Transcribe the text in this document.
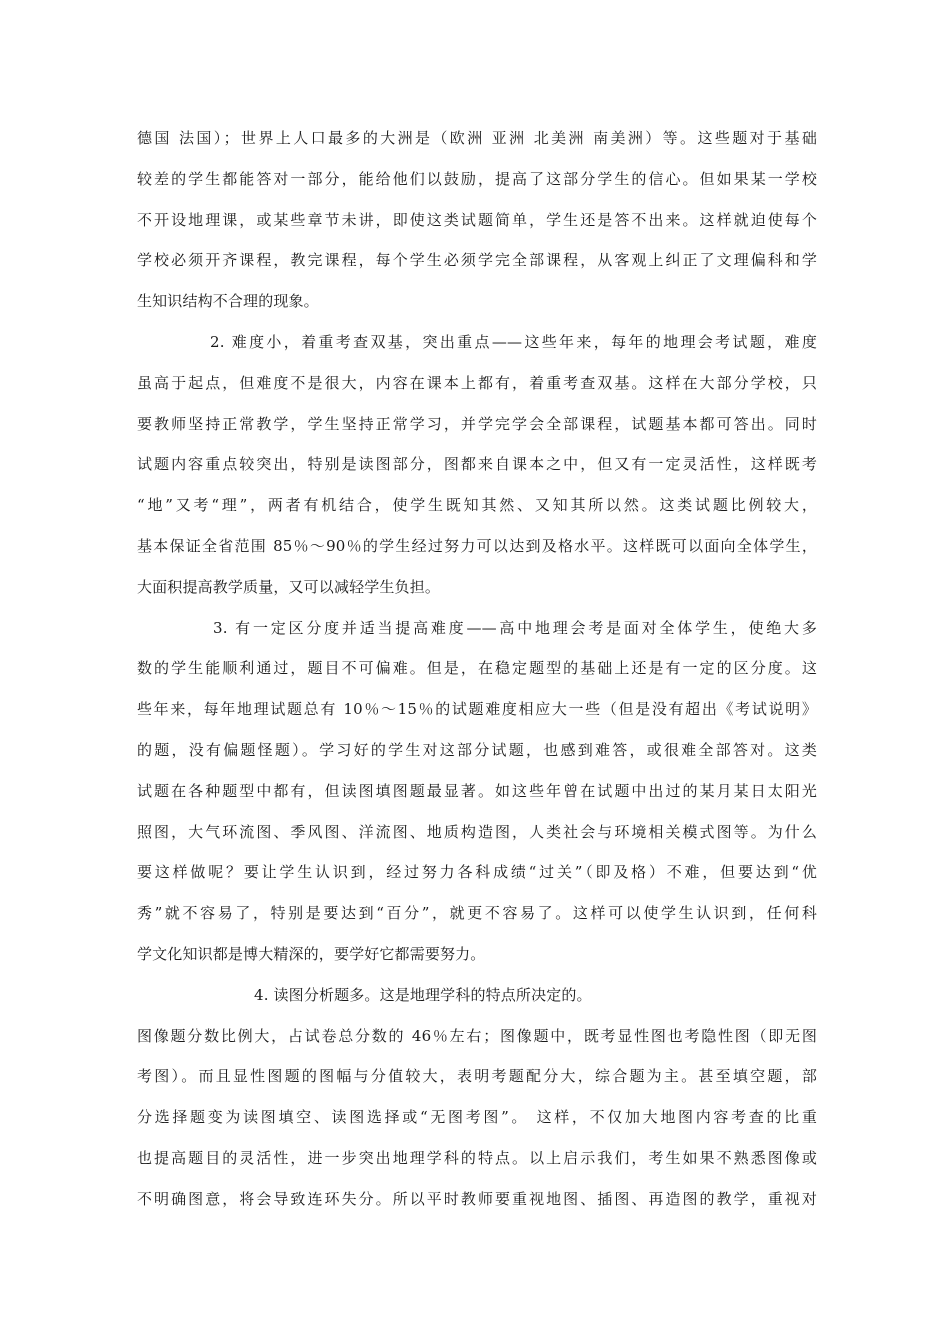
德国 法国）；世界上人口最多的大洲是（欧洲 亚洲 北美洲 南美洲）等。这些题对于基础
较差的学生都能答对一部分，能给他们以鼓励，提高了这部分学生的信心。但如果某一学校
不开设地理课，或某些章节未讲，即使这类试题简单，学生还是答不出来。这样就迫使每个
学校必须开齐课程，教完课程，每个学生必须学完全部课程，从客观上纠正了文理偏科和学
生知识结构不合理的现象。
2. 难度小，着重考查双基，突出重点——这些年来，每年的地理会考试题，难度
虽高于起点，但难度不是很大，内容在课本上都有，着重考查双基。这样在大部分学校，只
要教师坚持正常教学，学生坚持正常学习，并学完学会全部课程，试题基本都可答出。同时
试题内容重点较突出，特别是读图部分，图都来自课本之中，但又有一定灵活性，这样既考
“地”又考“理”，两者有机结合，使学生既知其然、又知其所以然。这类试题比例较大，
基本保证全省范围 85％～90％的学生经过努力可以达到及格水平。这样既可以面向全体学生，
大面积提高教学质量，又可以减轻学生负担。
3. 有一定区分度并适当提高难度——高中地理会考是面对全体学生，使绝大多
数的学生能顺利通过，题目不可偏难。但是，在稳定题型的基础上还是有一定的区分度。这
些年来，每年地理试题总有 10％～15％的试题难度相应大一些（但是没有超出《考试说明》
的题，没有偏题怪题）。学习好的学生对这部分试题，也感到难答，或很难全部答对。这类
试题在各种题型中都有，但读图填图题最显著。如这些年曾在试题中出过的某月某日太阳光
照图，大气环流图、季风图、洋流图、地质构造图，人类社会与环境相关模式图等。为什么
要这样做呢？要让学生认识到，经过努力各科成绩“过关”（即及格）不难，但要达到“优
秀”就不容易了，特别是要达到“百分”，就更不容易了。这样可以使学生认识到，任何科
学文化知识都是博大精深的，要学好它都需要努力。
4. 读图分析题多。这是地理学科的特点所决定的。
图像题分数比例大，占试卷总分数的 46％左右；图像题中，既考显性图也考隐性图（即无图
考图）。而且显性图题的图幅与分值较大，表明考题配分大，综合题为主。甚至填空题，部
分选择题变为读图填空、读图选择或“无图考图”。 这样，不仅加大地图内容考查的比重
也提高题目的灵活性，进一步突出地理学科的特点。以上启示我们，考生如果不熟悉图像或
不明确图意，将会导致连环失分。所以平时教师要重视地图、插图、再造图的教学，重视对
